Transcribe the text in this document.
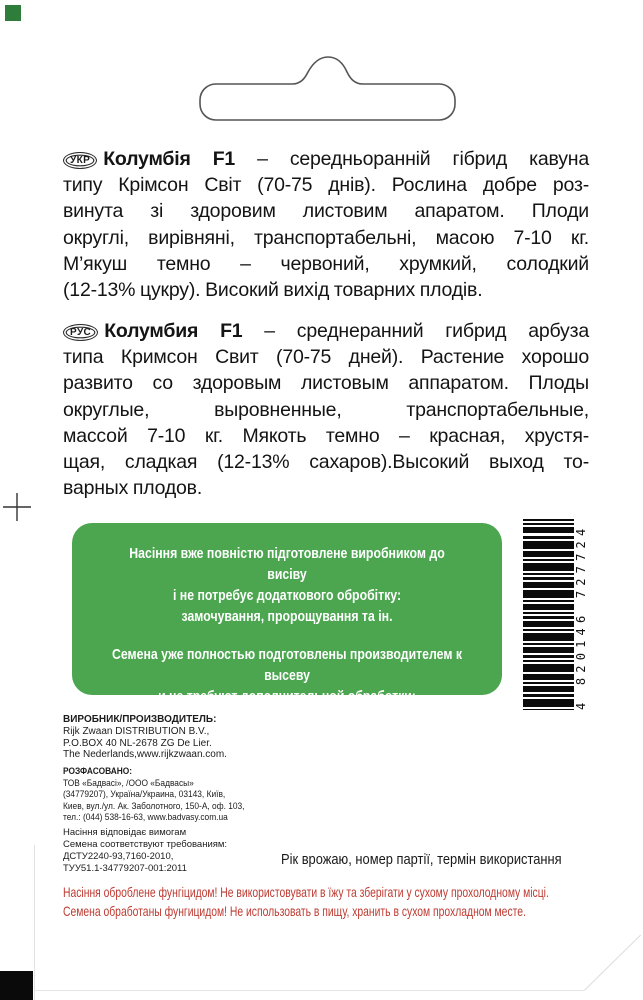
УКР Колумбія F1 – середньоранній гібрид кавуна
типу Крімсон Світ (70-75 днів). Рослина добре роз-
винута зі здоровим листовим апаратом. Плоди
округлі, вирівняні, транспортабельні, масою 7-10 кг.
М’якуш темно – червоний, хрумкий, солодкий
(12-13% цукру). Високий вихід товарних плодів.
РУС Колумбия F1 – среднеранний гибрид арбуза
типа Кримсон Свит (70-75 дней). Растение хорошо
развито со здоровым листовым аппаратом. Плоды
округлые, выровненные, транспортабельные,
массой 7-10 кг. Мякоть темно – красная, хрустя-
щая, сладкая (12-13% сахаров).Высокий выход то-
варных плодов.
Насіння вже повністю підготовлене виробником до висіву
і не потребує додаткового обробітку:
замочування, пророщування та ін.
Семена уже полностью подготовлены производителем к высеву
и не требуют дополнительной обработки:
замачивания, проращивания и др.
4 820146 727724
ВИРОБНИК/ПРОИЗВОДИТЕЛЬ:
Rijk Zwaan DISTRIBUTION B.V.,
P.O.BOX 40 NL-2678 ZG De Lier.
The Nederlands,www.rijkzwaan.com.
РОЗФАСОВАНО:
ТОВ «Бадвасі», /ООО «Бадвасы»
(34779207), Україна/Украина, 03143, Київ,
Киев, вул./ул. Ак. Заболотного, 150-А, оф. 103,
тел.: (044) 538-16-63, www.badvasy.com.ua
Насіння відповідає вимогам
Семена соответствуют требованиям:
ДСТУ2240-93,7160-2010,
ТУУ51.1-34779207-001:2011
Рік врожаю, номер партії, термін використання
Насіння оброблене фунгіцидом! Не використовувати в їжу та зберігати у сухому прохолодному місці.
Семена обработаны фунгицидом! Не использовать в пищу, хранить в сухом прохладном месте.
